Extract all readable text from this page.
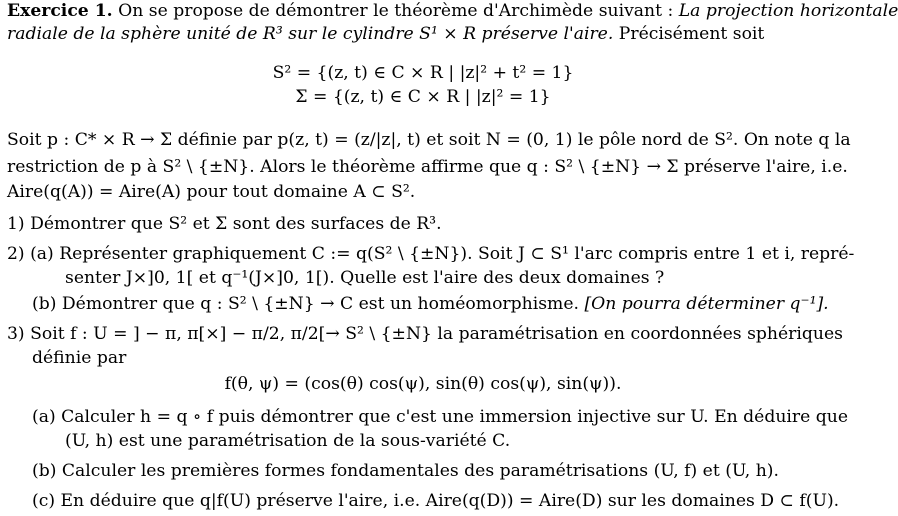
Exercice 1. On se propose de démontrer le théorème d'Archimède suivant : La projection horizontale
radiale de la sphère unité de R³ sur le cylindre S¹ × R préserve l'aire. Précisément soit
S² = {(z, t) ∈ C × R | |z|² + t² = 1}
Σ = {(z, t) ∈ C × R | |z|² = 1}
Soit p : C* × R → Σ définie par p(z, t) = (z/|z|, t) et soit N = (0, 1) le pôle nord de S². On note q la
restriction de p à S² \ {±N}. Alors le théorème affirme que q : S² \ {±N} → Σ préserve l'aire, i.e.
Aire(q(A)) = Aire(A) pour tout domaine A ⊂ S².
1) Démontrer que S² et Σ sont des surfaces de R³.
2) (a) Représenter graphiquement C := q(S² \ {±N}). Soit J ⊂ S¹ l'arc compris entre 1 et i, repré-
senter J×]0, 1[ et q⁻¹(J×]0, 1[). Quelle est l'aire des deux domaines ?
(b) Démontrer que q : S² \ {±N} → C est un homéomorphisme. [On pourra déterminer q⁻¹].
3) Soit f : U = ] − π, π[×] − π/2, π/2[→ S² \ {±N} la paramétrisation en coordonnées sphériques
définie par
f(θ, ψ) = (cos(θ) cos(ψ), sin(θ) cos(ψ), sin(ψ)).
(a) Calculer h = q ∘ f puis démontrer que c'est une immersion injective sur U. En déduire que
(U, h) est une paramétrisation de la sous-variété C.
(b) Calculer les premières formes fondamentales des paramétrisations (U, f) et (U, h).
(c) En déduire que q|f(U) préserve l'aire, i.e. Aire(q(D)) = Aire(D) sur les domaines D ⊂ f(U).
